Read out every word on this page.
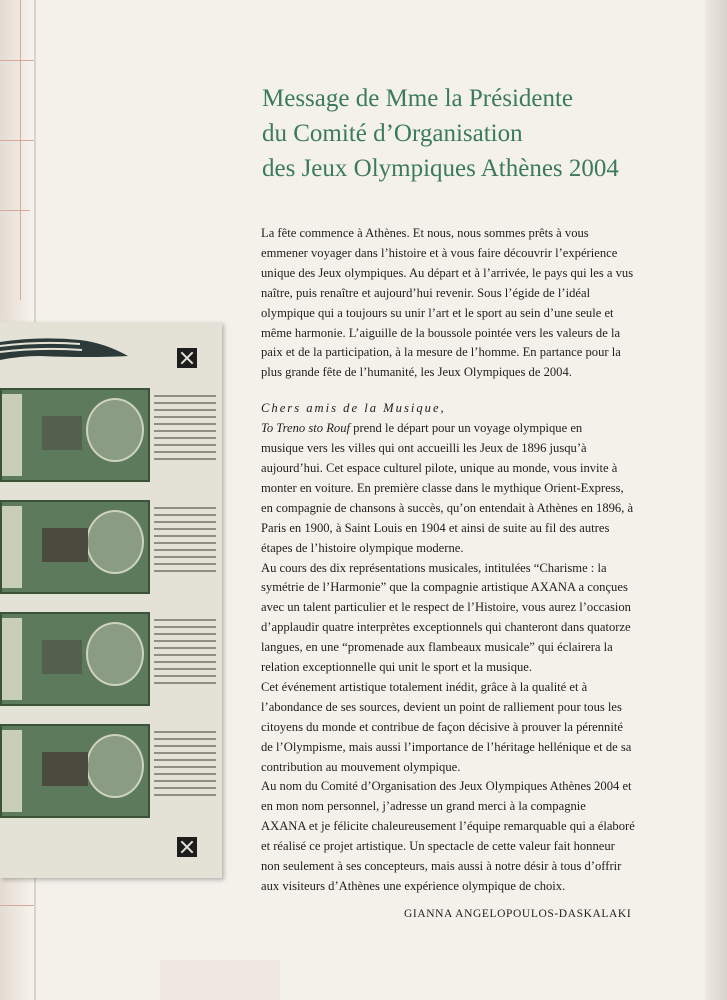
Message de Mme la Présidente
du Comité d’Organisation
des Jeux Olympiques Athènes 2004
La fête commence à Athènes. Et nous, nous sommes prêts à vous
emmener voyager dans l’histoire et à vous faire découvrir l’expérience
unique des Jeux olympiques. Au départ et à l’arrivée, le pays qui les a vus
naître, puis renaître et aujourd’hui revenir. Sous l’égide de l’idéal
olympique qui a toujours su unir l’art et le sport au sein d’une seule et
même harmonie. L’aiguille de la boussole pointée vers les valeurs de la
paix et de la participation, à la mesure de l’homme. En partance pour la
plus grande fête de l’humanité, les Jeux Olympiques de 2004.
Chers amis de la Musique,
To Treno sto Rouf prend le départ pour un voyage olympique en
musique vers les villes qui ont accueilli les Jeux de 1896 jusqu’à
aujourd’hui. Cet espace culturel pilote, unique au monde, vous invite à
monter en voiture. En première classe dans le mythique Orient-Express,
en compagnie de chansons à succès, qu’on entendait à Athènes en 1896, à
Paris en 1900, à Saint Louis en 1904 et ainsi de suite au fil des autres
étapes de l’histoire olympique moderne.
Au cours des dix représentations musicales, intitulées “Charisme : la
symétrie de l’Harmonie” que la compagnie artistique AXANA a conçues
avec un talent particulier et le respect de l’Histoire, vous aurez l’occasion
d’applaudir quatre interprètes exceptionnels qui chanteront dans quatorze
langues, en une “promenade aux flambeaux musicale” qui éclairera la
relation exceptionnelle qui unit le sport et la musique.
Cet événement artistique totalement inédit, grâce à la qualité et à
l’abondance de ses sources, devient un point de ralliement pour tous les
citoyens du monde et contribue de façon décisive à prouver la pérennité
de l’Olympisme, mais aussi l’importance de l’héritage hellénique et de sa
contribution au mouvement olympique.
Au nom du Comité d’Organisation des Jeux Olympiques Athènes 2004 et
en mon nom personnel, j’adresse un grand merci à la compagnie
AXANA et je félicite chaleureusement l’équipe remarquable qui a élaboré
et réalisé ce projet artistique. Un spectacle de cette valeur fait honneur
non seulement à ses concepteurs, mais aussi à notre désir à tous d’offrir
aux visiteurs d’Athènes une expérience olympique de choix.
GIANNA ANGELOPOULOS-DASKALAKI
